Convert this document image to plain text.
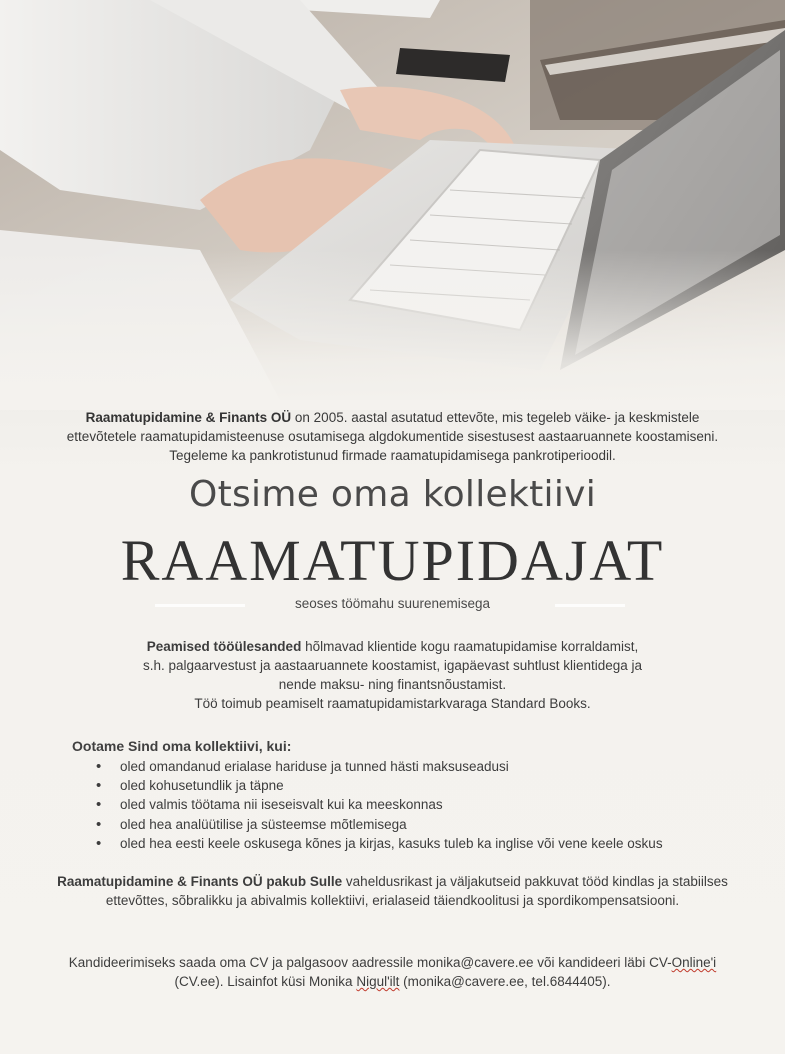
Raamatupidamine & Finants OÜ on 2005. aastal asutatud ettevõte, mis tegeleb väike- ja keskmistele ettevõtetele raamatupidamisteenuse osutamisega algdokumentide sisestusest aastaaruannete koostamiseni. Tegeleme ka pankrotistunud firmade raamatupidamisega pankrotiperioodil.
Otsime oma kollektiivi
RAAMATUPIDAJAT
seoses töömahu suurenemisega
Peamised tööülesanded hõlmavad klientide kogu raamatupidamise korraldamist,
s.h. palgaarvestust ja aastaaruannete koostamist, igapäevast suhtlust klientidega ja
nende maksu- ning finantsnõustamist.
Töö toimub peamiselt raamatupidamistarkvaraga Standard Books.
Ootame Sind oma kollektiivi, kui:
• oled omandanud erialase hariduse ja tunned hästi maksuseadusi
• oled kohusetundlik ja täpne
• oled valmis töötama nii iseseisvalt kui ka meeskonnas
• oled hea analüütilise ja süsteemse mõtlemisega
• oled hea eesti keele oskusega kõnes ja kirjas, kasuks tuleb ka inglise või vene keele oskus
Raamatupidamine & Finants OÜ pakub Sulle vaheldusrikast ja väljakutseid pakkuvat tööd kindlas ja stabiilses ettevõttes, sõbralikku ja abivalmis kollektiivi, erialaseid täiendkoolitusi ja spordikompensatsiooni.
Kandideerimiseks saada oma CV ja palgasoov aadressile monika@cavere.ee või kandideeri läbi CV-Online'i (CV.ee). Lisainfot küsi Monika Nigul'ilt (monika@cavere.ee, tel.6844405).
